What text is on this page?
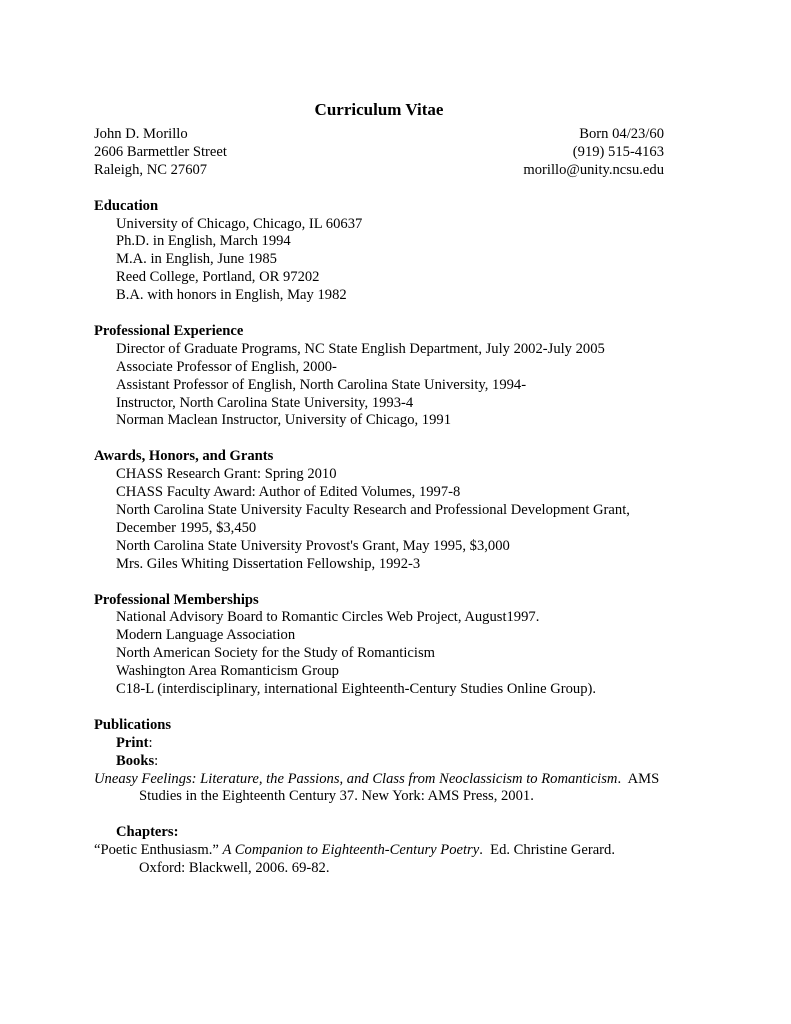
Curriculum Vitae
John D. Morillo
2606 Barmettler Street
Raleigh, NC 27607
Born 04/23/60
(919) 515-4163
morillo@unity.ncsu.edu
Education
University of Chicago, Chicago, IL 60637
Ph.D. in English, March 1994
M.A. in English, June 1985
Reed College, Portland, OR 97202
B.A. with honors in English, May 1982
Professional Experience
Director of Graduate Programs, NC State English Department, July 2002-July 2005
Associate Professor of English, 2000-
Assistant Professor of English, North Carolina State University, 1994-
Instructor, North Carolina State University, 1993-4
Norman Maclean Instructor, University of Chicago, 1991
Awards, Honors, and Grants
CHASS Research Grant: Spring 2010
CHASS Faculty Award: Author of Edited Volumes, 1997-8
North Carolina State University Faculty Research and Professional Development Grant, December 1995, $3,450
North Carolina State University Provost's Grant, May 1995, $3,000
Mrs. Giles Whiting Dissertation Fellowship, 1992-3
Professional Memberships
National Advisory Board to Romantic Circles Web Project, August1997.
Modern Language Association
North American Society for the Study of Romanticism
Washington Area Romanticism Group
C18-L (interdisciplinary, international Eighteenth-Century Studies Online Group).
Publications
Print:
Books:
Uneasy Feelings: Literature, the Passions, and Class from Neoclassicism to Romanticism.  AMS Studies in the Eighteenth Century 37. New York: AMS Press, 2001.
Chapters:
“Poetic Enthusiasm.” A Companion to Eighteenth-Century Poetry.  Ed. Christine Gerard. Oxford: Blackwell, 2006. 69-82.
